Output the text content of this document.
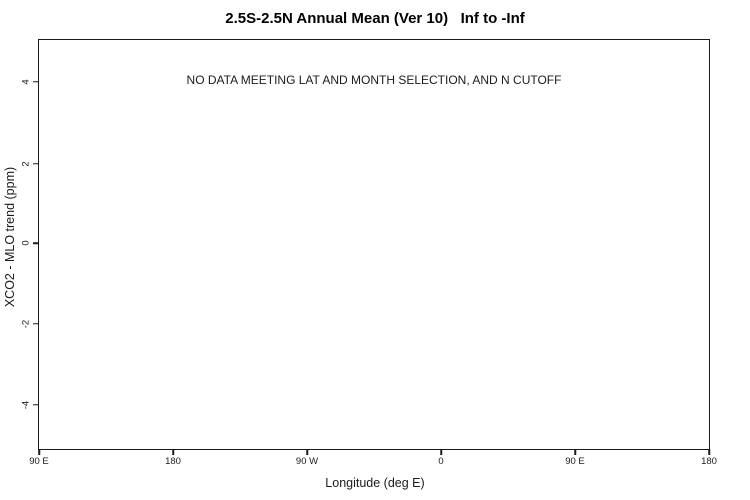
2.5S-2.5N Annual Mean (Ver 10)   Inf to -Inf
NO DATA MEETING LAT AND MONTH SELECTION, AND N CUTOFF
90 E	180	90 W	0	90 E	180
4
2
0
-2
-4
Longitude (deg E)
XCO2 - MLO trend (ppm)
